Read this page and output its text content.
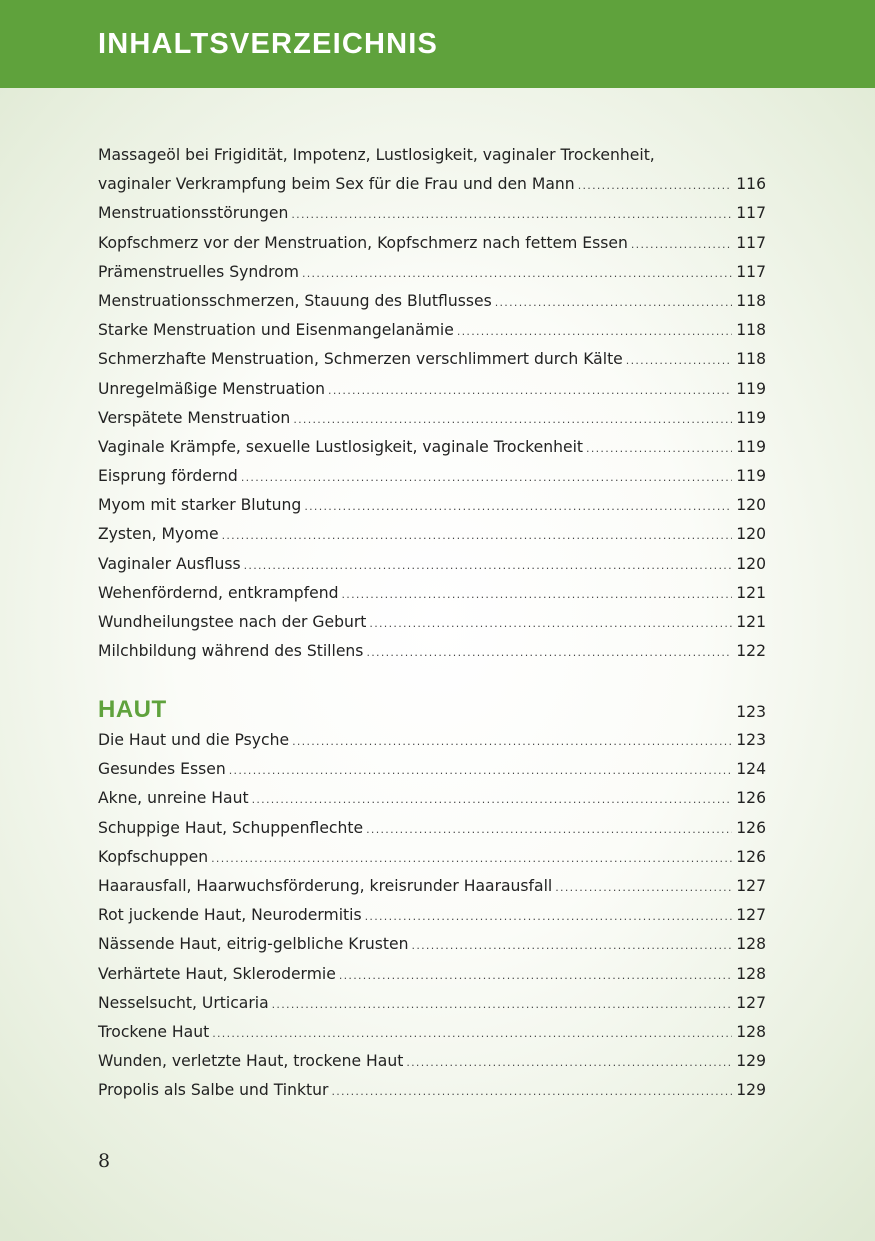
INHALTSVERZEICHNIS
Massageöl bei Frigidität, Impotenz, Lustlosigkeit, vaginaler Trockenheit,
vaginaler Verkrampfung beim Sex für die Frau und den Mann .....	116
Menstruationsstörungen .....	117
Kopfschmerz vor der Menstruation, Kopfschmerz nach fettem Essen .....	117
Prämenstruelles Syndrom .....	117
Menstruationsschmerzen, Stauung des Blutflusses .....	118
Starke Menstruation und Eisenmangelanämie .....	118
Schmerzhafte Menstruation, Schmerzen verschlimmert durch Kälte .....	118
Unregelmäßige Menstruation .....	119
Verspätete Menstruation .....	119
Vaginale Krämpfe, sexuelle Lustlosigkeit, vaginale Trockenheit .....	119
Eisprung fördernd .....	119
Myom mit starker Blutung .....	120
Zysten, Myome .....	120
Vaginaler Ausfluss .....	120
Wehenfördernd, entkrampfend .....	121
Wundheilungstee nach der Geburt .....	121
Milchbildung während des Stillens .....	122
HAUT	123
Die Haut und die Psyche .....	123
Gesundes Essen .....	124
Akne, unreine Haut .....	126
Schuppige Haut, Schuppenflechte .....	126
Kopfschuppen .....	126
Haarausfall, Haarwuchsförderung, kreisrunder Haarausfall .....	127
Rot juckende Haut, Neurodermitis .....	127
Nässende Haut, eitrig-gelbliche Krusten .....	128
Verhärtete Haut, Sklerodermie .....	128
Nesselsucht, Urticaria .....	127
Trockene Haut .....	128
Wunden, verletzte Haut, trockene Haut .....	129
Propolis als Salbe und Tinktur .....	129
8
